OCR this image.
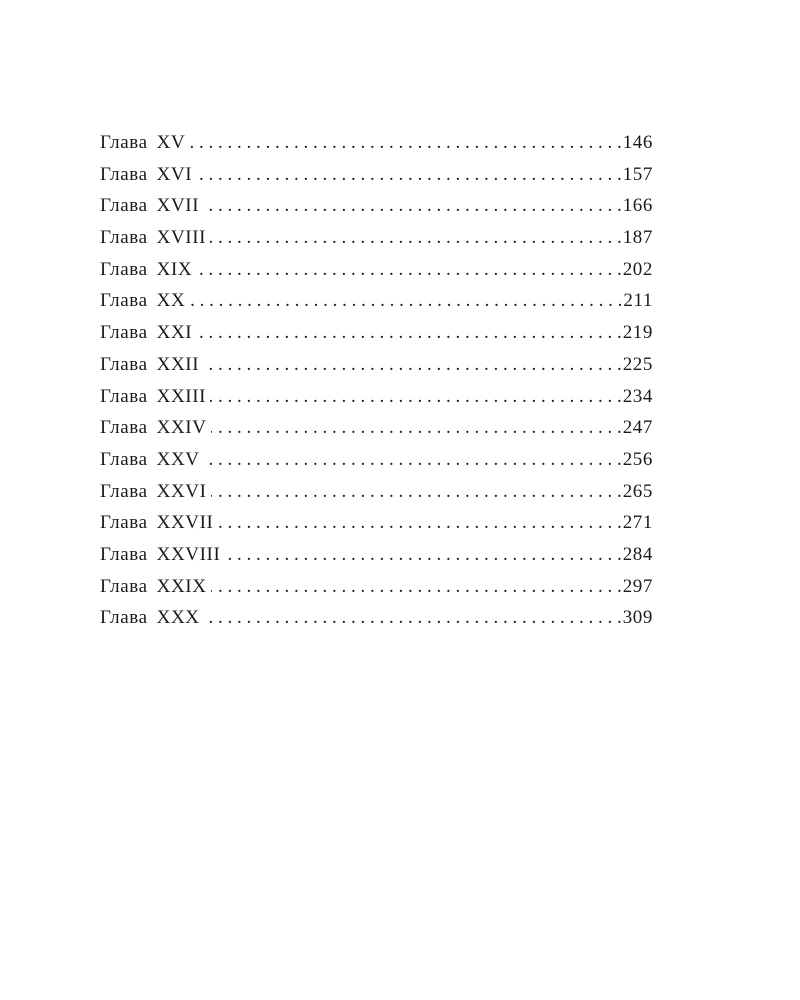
Глава XV . . .	146
Глава XVI . . .	157
Глава XVII . . .	166
Глава XVIII . . .	187
Глава XIX . . .	202
Глава XX . . .	211
Глава XXI . . .	219
Глава XXII . . .	225
Глава XXIII . . .	234
Глава XXIV . . .	247
Глава XXV . . .	256
Глава XXVI . . .	265
Глава XXVII . . .	271
Глава XXVIII . . .	284
Глава XXIX . . .	297
Глава XXX . . .	309
